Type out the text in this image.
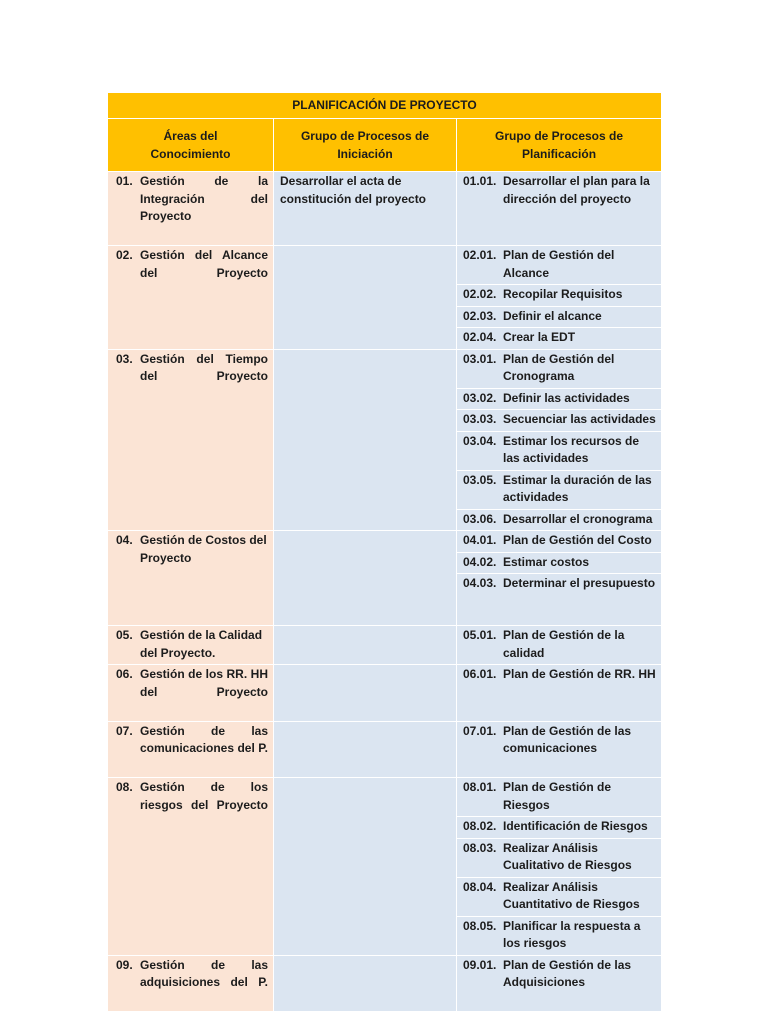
PLANIFICACIÓN DE PROYECTO		
Áreas del Conocimiento	Grupo de Procesos de Iniciación	Grupo de Procesos de Planificación

01. Gestión de la Integración del Proyecto	Desarrollar el acta de constitución del proyecto	01.01. Desarrollar el plan para la dirección del proyecto

02. Gestión del Alcance del Proyecto		02.01. Plan de Gestión del Alcance

		02.02. Recopilar Requisitos

		02.03. Definir el alcance

		02.04. Crear la EDT

03. Gestión del Tiempo del Proyecto		03.01. Plan de Gestión del Cronograma

		03.02. Definir las actividades

		03.03. Secuenciar las actividades

		03.04. Estimar los recursos de las actividades

		03.05. Estimar la duración de las actividades

		03.06. Desarrollar el cronograma

04. Gestión de Costos del Proyecto		04.01. Plan de Gestión del Costo

		04.02. Estimar costos

		04.03. Determinar el presupuesto

05. Gestión de la Calidad del Proyecto.		05.01. Plan de Gestión de la calidad

06. Gestión de los RR. HH del Proyecto		06.01. Plan de Gestión de RR. HH

07. Gestión de las comunicaciones del P.		07.01. Plan de Gestión de las comunicaciones

08. Gestión de los riesgos del Proyecto		08.01. Plan de Gestión de Riesgos

		08.02. Identificación de Riesgos

		08.03. Realizar Análisis Cualitativo de Riesgos

		08.04. Realizar Análisis Cuantitativo de Riesgos

		08.05. Planificar la respuesta a los riesgos

09. Gestión de las adquisiciones del P.		09.01. Plan de Gestión de las Adquisiciones
